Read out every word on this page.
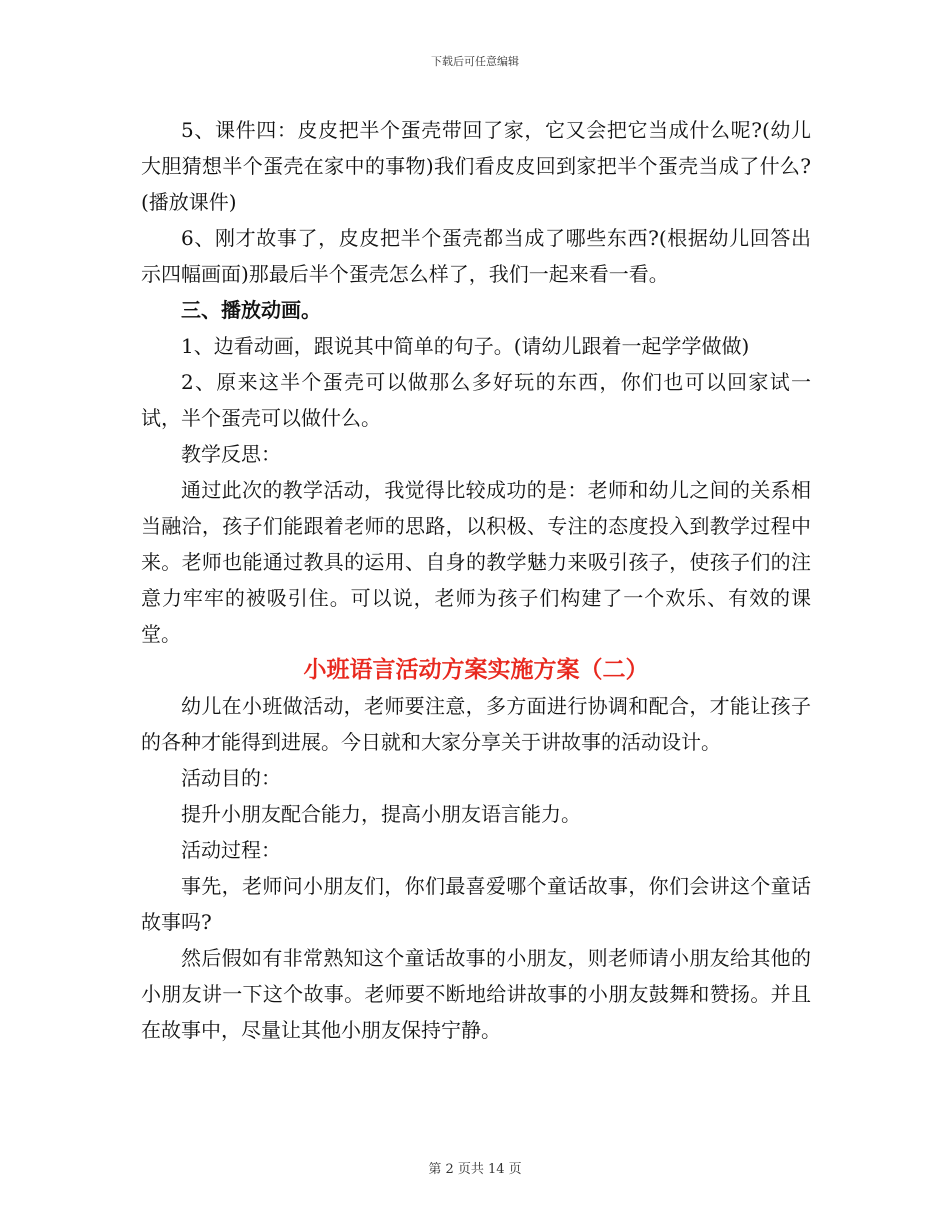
下载后可任意编辑

5、课件四：皮皮把半个蛋壳带回了家，它又会把它当成什么呢?(幼儿大胆猜想半个蛋壳在家中的事物)我们看皮皮回到家把半个蛋壳当成了什么?(播放课件)

6、刚才故事了，皮皮把半个蛋壳都当成了哪些东西?(根据幼儿回答出示四幅画面)那最后半个蛋壳怎么样了，我们一起来看一看。

三、播放动画。

1、边看动画，跟说其中简单的句子。(请幼儿跟着一起学学做做)

2、原来这半个蛋壳可以做那么多好玩的东西，你们也可以回家试一试，半个蛋壳可以做什么。

教学反思：

通过此次的教学活动，我觉得比较成功的是：老师和幼儿之间的关系相当融洽，孩子们能跟着老师的思路，以积极、专注的态度投入到教学过程中来。老师也能通过教具的运用、自身的教学魅力来吸引孩子，使孩子们的注意力牢牢的被吸引住。可以说，老师为孩子们构建了一个欢乐、有效的课堂。

小班语言活动方案实施方案（二）

幼儿在小班做活动，老师要注意，多方面进行协调和配合，才能让孩子的各种才能得到进展。今日就和大家分享关于讲故事的活动设计。

活动目的：

提升小朋友配合能力，提高小朋友语言能力。

活动过程：

事先，老师问小朋友们，你们最喜爱哪个童话故事，你们会讲这个童话故事吗?

然后假如有非常熟知这个童话故事的小朋友，则老师请小朋友给其他的小朋友讲一下这个故事。老师要不断地给讲故事的小朋友鼓舞和赞扬。并且在故事中，尽量让其他小朋友保持宁静。

第 2 页共 14 页
